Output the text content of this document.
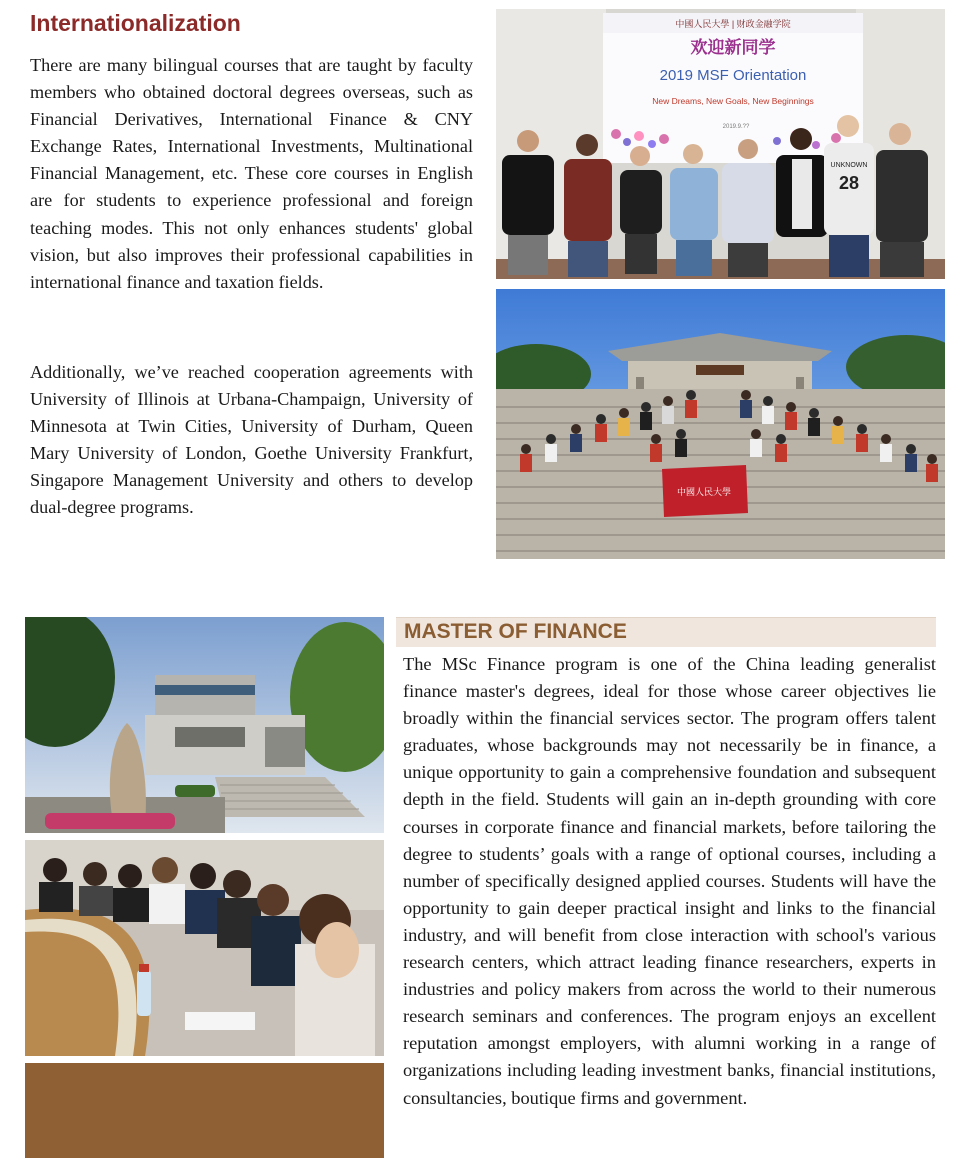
Internationalization

There are many bilingual courses that are taught by faculty members who obtained doctoral degrees overseas, such as Financial Derivatives, International Finance & CNY Exchange Rates, International Investments, Multinational Financial Management, etc. These core courses in English are for students to experience professional and foreign teaching modes. This not only enhances students' global vision, but also improves their professional capabilities in international finance and taxation fields.

Additionally, we’ve reached cooperation agreements with University of Illinois at Urbana-Champaign, University of Minnesota at Twin Cities, University of Durham, Queen Mary University of London, Goethe University Frankfurt, Singapore Management University and others to develop dual-degree programs.

中國人民大學 | 财政金融学院
欢迎新同学
2019 MSF Orientation
New Dreams, New Goals, New Beginnings
2019.9.??
UNKNOWN
28
中國人民大學
MASTER OF FINANCE

The MSc Finance program is one of the China leading generalist finance master's degrees, ideal for those whose career objectives lie broadly within the financial services sector. The program offers talent graduates, whose backgrounds may not necessarily be in finance, a unique opportunity to gain a comprehensive foundation and subsequent depth in the field. Students will gain an in-depth grounding with core courses in corporate finance and financial markets, before tailoring the degree to students’ goals with a range of optional courses, including a number of specifically designed applied courses. Students will have the opportunity to gain deeper practical insight and links to the financial industry, and will benefit from close interaction with school's various research centers, which attract leading finance researchers, experts in industries and policy makers from across the world to their numerous research seminars and conferences. The program enjoys an excellent reputation amongst employers, with alumni working in a range of organizations including leading investment banks, financial institutions, consultancies, boutique firms and government.
